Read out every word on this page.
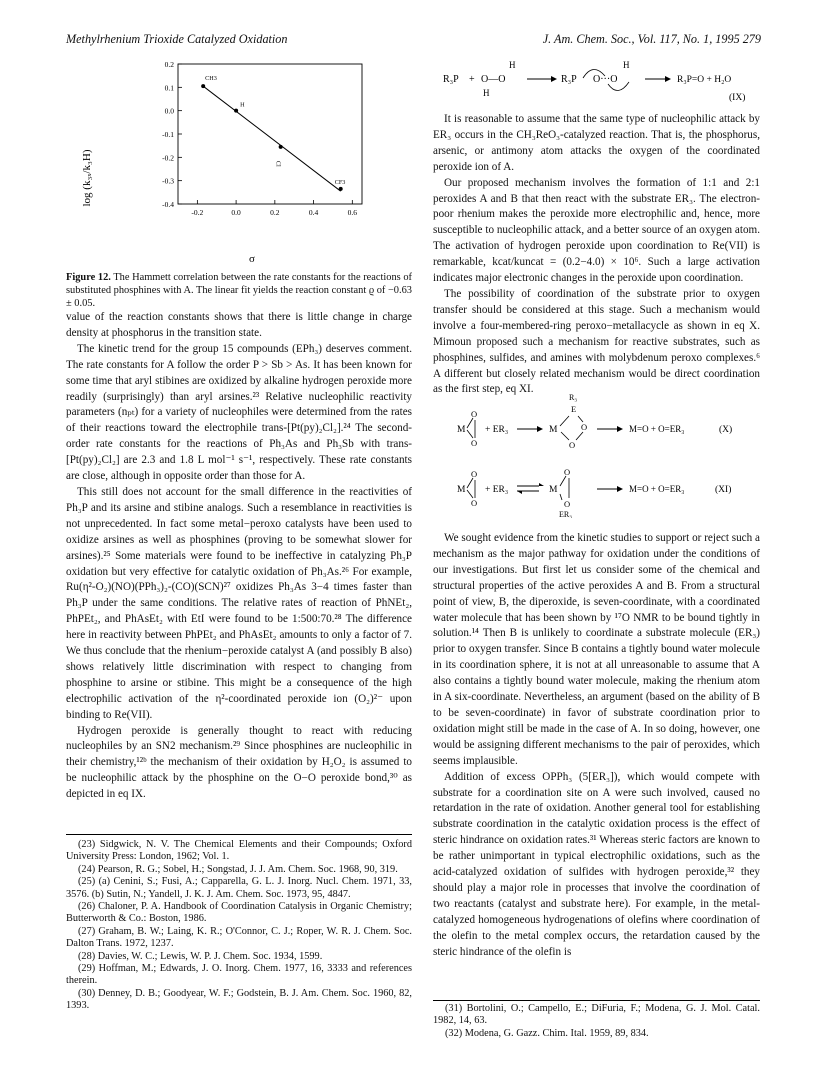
Methylrhenium Trioxide Catalyzed Oxidation	J. Am. Chem. Soc., Vol. 117, No. 1, 1995 279
0.2
0.1
0.0
-0.1
-0.2
-0.3
-0.4
-0.2	0.0	0.2	0.4	0.6
CH3
H
Cl
CF3
log (k₃ₓ/k₃H)
σ
Figure 12. The Hammett correlation between the rate constants for the reactions of substituted phosphines with A. The linear fit yields the reaction constant ϱ of −0.63 ± 0.05.

value of the reaction constants shows that there is little change in charge density at phosphorus in the transition state.

The kinetic trend for the group 15 compounds (EPh₃) deserves comment. The rate constants for A follow the order P > Sb > As. It has been known for some time that aryl stibines are oxidized by alkaline hydrogen peroxide more readily (surprisingly) than aryl arsines.²³ Relative nucleophilic reactivity parameters (nₚₜ) for a variety of nucleophiles were determined from the rates of their reactions toward the electrophile trans-[Pt(py)₂Cl₂].²⁴ The second-order rate constants for the reactions of Ph₃As and Ph₃Sb with trans-[Pt(py)₂Cl₂] are 2.3 and 1.8 L mol⁻¹ s⁻¹, respectively. These rate constants are close, although in opposite order than those for A.

This still does not account for the small difference in the reactivities of Ph₃P and its arsine and stibine analogs. Such a resemblance in reactivities is not unprecedented. In fact some metal−peroxo catalysts have been used to oxidize arsines as well as phosphines (proving to be somewhat slower for arsines).²⁵ Some materials were found to be ineffective in catalyzing Ph₃P oxidation but very effective for catalytic oxidation of Ph₃As.²⁶ For example, Ru(η²-O₂)(NO)(PPh₃)₂-(CO)(SCN)²⁷ oxidizes Ph₃As 3−4 times faster than Ph₃P under the same conditions. The relative rates of reaction of PhNEt₂, PhPEt₂, and PhAsEt₂ with EtI were found to be 1:500:70.²⁸ The difference here in reactivity between PhPEt₂ and PhAsEt₂ amounts to only a factor of 7. We thus conclude that the rhenium−peroxide catalyst A (and possibly B also) shows relatively little discrimination with respect to changing from phosphine to arsine or stibine. This might be a consequence of the high electrophilic activation of the η²-coordinated peroxide ion (O₂)²⁻ upon binding to Re(VII).

Hydrogen peroxide is generally thought to react with reducing nucleophiles by an SN2 mechanism.²⁹ Since phosphines are nucleophilic in their chemistry,¹²ᵇ the mechanism of their oxidation by H₂O₂ is assumed to be nucleophilic attack by the phosphine on the O−O peroxide bond,³⁰ as depicted in eq IX.

(23) Sidgwick, N. V. The Chemical Elements and their Compounds; Oxford University Press: London, 1962; Vol. 1.

(24) Pearson, R. G.; Sobel, H.; Songstad, J. J. Am. Chem. Soc. 1968, 90, 319.

(25) (a) Cenini, S.; Fusi, A.; Capparella, G. L. J. Inorg. Nucl. Chem. 1971, 33, 3576. (b) Sutin, N.; Yandell, J. K. J. Am. Chem. Soc. 1973, 95, 4847.

(26) Chaloner, P. A. Handbook of Coordination Catalysis in Organic Chemistry; Butterworth & Co.: Boston, 1986.

(27) Graham, B. W.; Laing, K. R.; O'Connor, C. J.; Roper, W. R. J. Chem. Soc. Dalton Trans. 1972, 1237.

(28) Davies, W. C.; Lewis, W. P. J. Chem. Soc. 1934, 1599.

(29) Hoffman, M.; Edwards, J. O. Inorg. Chem. 1977, 16, 3333 and references therein.

(30) Denney, D. B.; Goodyear, W. F.; Godstein, B. J. Am. Chem. Soc. 1960, 82, 1393.

R₃P + O—O
H
H
R₃P O···O
H
R₃P=O + H₂O
(IX)

It is reasonable to assume that the same type of nucleophilic attack by ER₃ occurs in the CH₃ReO₃-catalyzed reaction. That is, the phosphorus, arsenic, or antimony atom attacks the oxygen of the coordinated peroxide ion of A.

Our proposed mechanism involves the formation of 1:1 and 2:1 peroxides A and B that then react with the substrate ER₃. The electron-poor rhenium makes the peroxide more electrophilic and, hence, more susceptible to nucleophilic attack, and a better source of an oxygen atom. The activation of hydrogen peroxide upon coordination to Re(VII) is remarkable, kcat/kuncat = (0.2−4.0) × 10⁶. Such a large activation indicates major electronic changes in the peroxide upon coordination.

The possibility of coordination of the substrate prior to oxygen transfer should be considered at this stage. Such a mechanism would involve a four-membered-ring peroxo−metallacycle as shown in eq X. Mimoun proposed such a mechanism for reactive substrates, such as phosphines, sulfides, and amines with molybdenum peroxo complexes.⁶ A different but closely related mechanism would be direct coordination as the first step, eq XI.

M
O
O
+ ER₃
R₃
E
M	O
O
M=O + O=ER₃	(X)
M
O
O
+ ER₃	M
O
O
ER₃
M=O + O=ER₃	(XI)

We sought evidence from the kinetic studies to support or reject such a mechanism as the major pathway for oxidation under the conditions of our investigations. But first let us consider some of the chemical and structural properties of the active peroxides A and B. From a structural point of view, B, the diperoxide, is seven-coordinate, with a coordinated water molecule that has been shown by ¹⁷O NMR to be bound tightly in solution.¹⁴ Then B is unlikely to coordinate a substrate molecule (ER₃) prior to oxygen transfer. Since B contains a tightly bound water molecule in its coordination sphere, it is not at all unreasonable to assume that A also contains a tightly bound water molecule, making the rhenium atom in A six-coordinate. Nevertheless, an argument (based on the ability of B to be seven-coordinate) in favor of substrate coordination prior to oxidation might still be made in the case of A. In so doing, however, one would be assigning different mechanisms to the pair of peroxides, which seems implausible.

Addition of excess OPPh₃ (5[ER₃]), which would compete with substrate for a coordination site on A were such involved, caused no retardation in the rate of oxidation. Another general tool for establishing substrate coordination in the catalytic oxidation process is the effect of steric hindrance on oxidation rates.³¹ Whereas steric factors are known to be rather unimportant in typical electrophilic oxidations, such as the acid-catalyzed oxidation of sulfides with hydrogen peroxide,³² they should play a major role in processes that involve the coordination of two reactants (catalyst and substrate here). For example, in the metal-catalyzed homogeneous hydrogenations of olefins where coordination of the olefin to the metal complex occurs, the retardation caused by the steric hindrance of the olefin is

(31) Bortolini, O.; Campello, E.; DiFuria, F.; Modena, G. J. Mol. Catal. 1982, 14, 63.

(32) Modena, G. Gazz. Chim. Ital. 1959, 89, 834.
